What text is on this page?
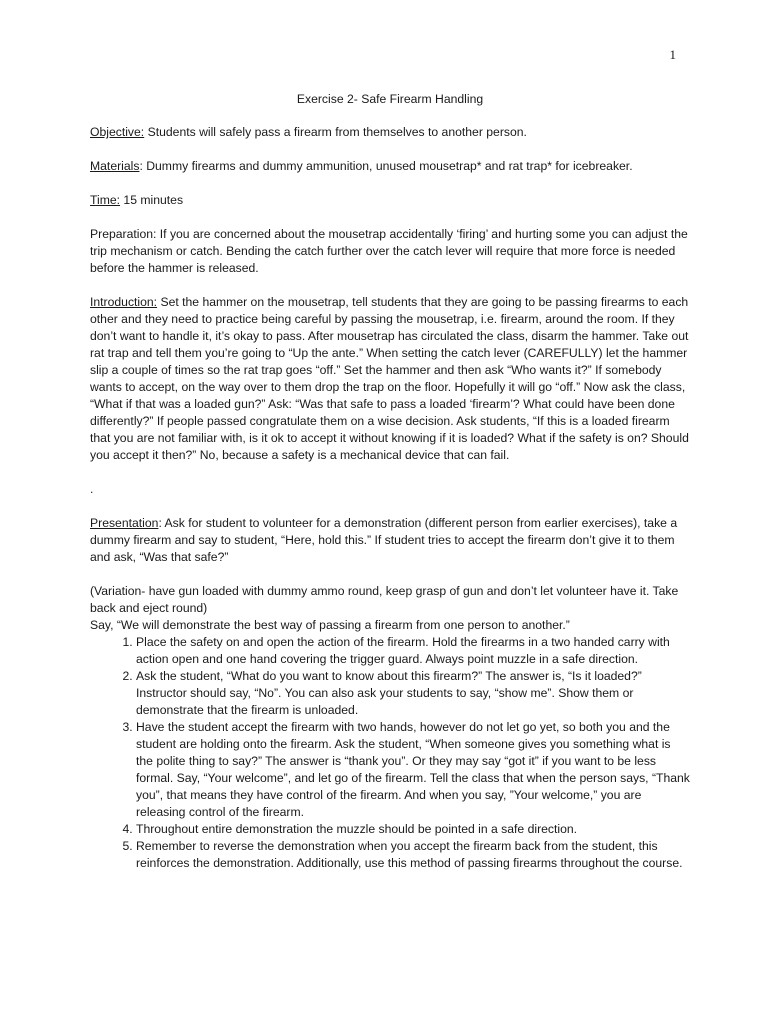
1

Exercise 2- Safe Firearm Handling

Objective: Students will safely pass a firearm from themselves to another person.

Materials: Dummy firearms and dummy ammunition, unused mousetrap* and rat trap* for icebreaker.

Time: 15 minutes

Preparation: If you are concerned about the mousetrap accidentally ‘firing’ and hurting some you can adjust the trip mechanism or catch. Bending the catch further over the catch lever will require that more force is needed before the hammer is released.

Introduction: Set the hammer on the mousetrap, tell students that they are going to be passing firearms to each other and they need to practice being careful by passing the mousetrap, i.e. firearm, around the room. If they don’t want to handle it, it’s okay to pass. After mousetrap has circulated the class, disarm the hammer. Take out rat trap and tell them you’re going to “Up the ante.” When setting the catch lever (CAREFULLY) let the hammer slip a couple of times so the rat trap goes “off.” Set the hammer and then ask “Who wants it?” If somebody wants to accept, on the way over to them drop the trap on the floor. Hopefully it will go “off.” Now ask the class, “What if that was a loaded gun?” Ask: “Was that safe to pass a loaded ‘firearm’? What could have been done differently?” If people passed congratulate them on a wise decision. Ask students, “If this is a loaded firearm that you are not familiar with, is it ok to accept it without knowing if it is loaded? What if the safety is on? Should you accept it then?” No, because a safety is a mechanical device that can fail.

.

Presentation: Ask for student to volunteer for a demonstration (different person from earlier exercises), take a dummy firearm and say to student, “Here, hold this.” If student tries to accept the firearm don’t give it to them and ask, “Was that safe?”

(Variation- have gun loaded with dummy ammo round, keep grasp of gun and don’t let volunteer have it. Take back and eject round)

Say, “We will demonstrate the best way of passing a firearm from one person to another.”

1. Place the safety on and open the action of the firearm. Hold the firearms in a two handed carry with action open and one hand covering the trigger guard. Always point muzzle in a safe direction.
2. Ask the student, “What do you want to know about this firearm?” The answer is, “Is it loaded?” Instructor should say, “No”. You can also ask your students to say, “show me”. Show them or demonstrate that the firearm is unloaded.
3. Have the student accept the firearm with two hands, however do not let go yet, so both you and the student are holding onto the firearm. Ask the student, “When someone gives you something what is the polite thing to say?” The answer is “thank you”. Or they may say “got it” if you want to be less formal. Say, “Your welcome”, and let go of the firearm. Tell the class that when the person says, “Thank you”, that means they have control of the firearm. And when you say, ”Your welcome,” you are releasing control of the firearm.
4. Throughout entire demonstration the muzzle should be pointed in a safe direction.
5. Remember to reverse the demonstration when you accept the firearm back from the student, this reinforces the demonstration. Additionally, use this method of passing firearms throughout the course.
